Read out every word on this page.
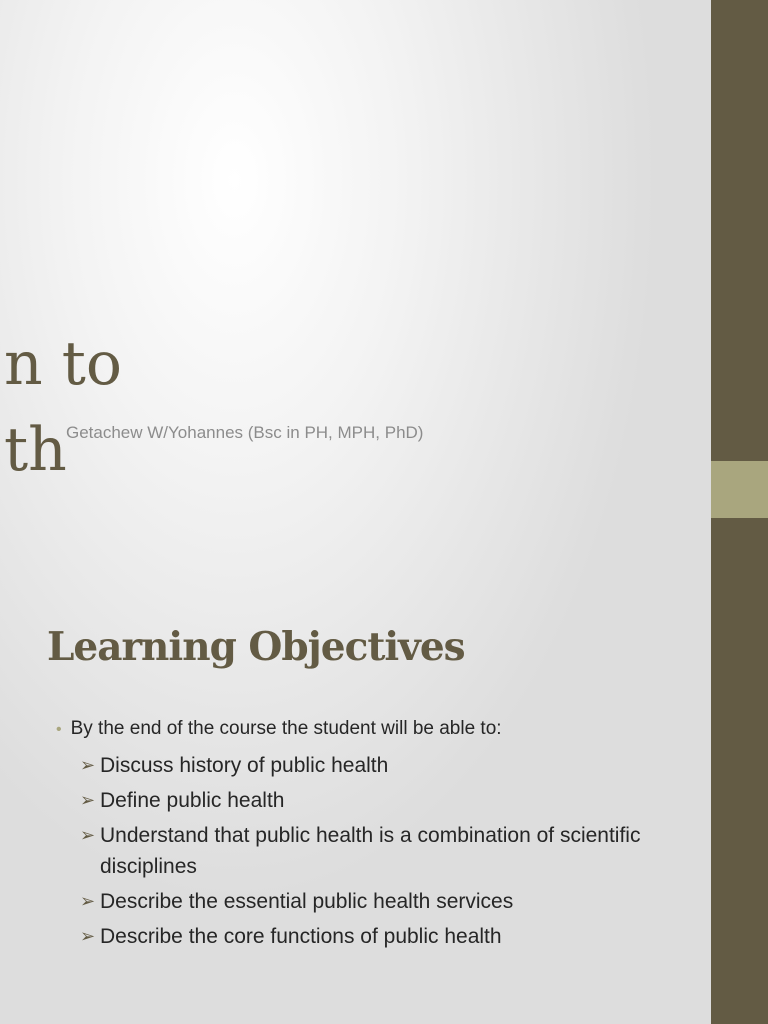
n to
th Getachew W/Yohannes (Bsc in PH, MPH, PhD)
Learning Objectives
• By the end of the course the student will be able to:
➢ Discuss history of public health
➢ Define public health
➢ Understand that public health is a combination of scientific disciplines
➢ Describe the essential public health services
➢ Describe the core functions of public health
